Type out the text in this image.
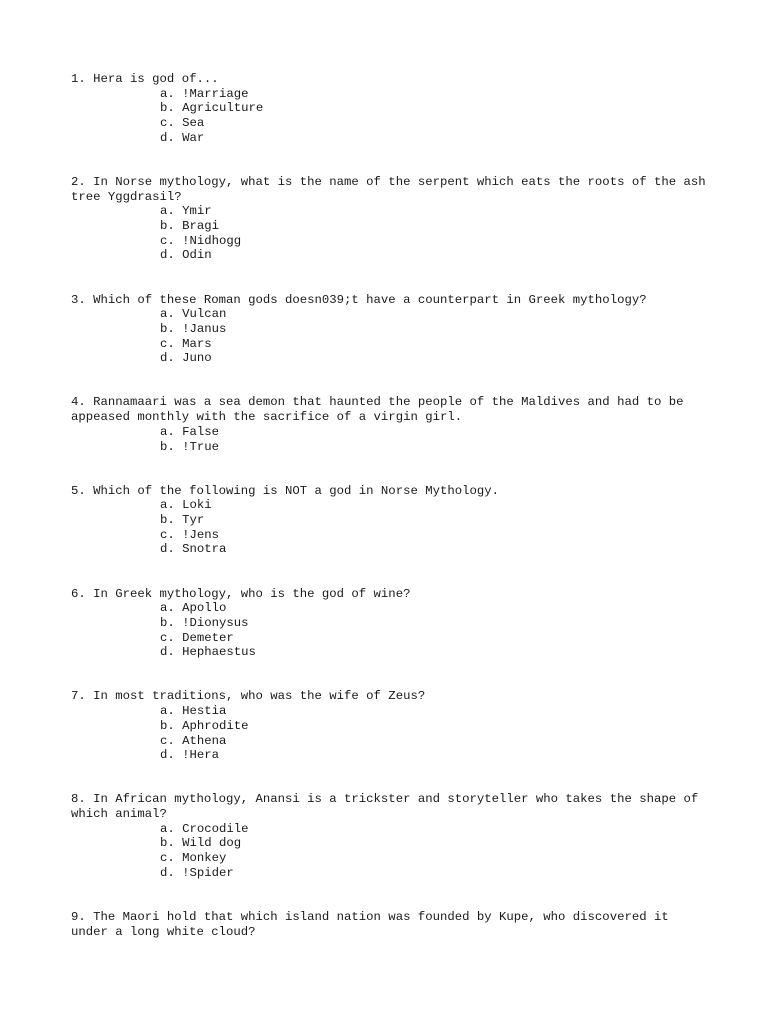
1. Hera is god of...

a. !Marriage
b. Agriculture
c. Sea
d. War

2. In Norse mythology, what is the name of the serpent which eats the roots of the ash tree Yggdrasil?

a. Ymir
b. Bragi
c. !Nidhogg
d. Odin

3. Which of these Roman gods doesn039;t have a counterpart in Greek mythology?

a. Vulcan
b. !Janus
c. Mars
d. Juno

4. Rannamaari was a sea demon that haunted the people of the Maldives and had to be appeased monthly with the sacrifice of a virgin girl.

a. False
b. !True

5. Which of the following is NOT a god in Norse Mythology.

a. Loki
b. Tyr
c. !Jens
d. Snotra

6. In Greek mythology, who is the god of wine?

a. Apollo
b. !Dionysus
c. Demeter
d. Hephaestus

7. In most traditions, who was the wife of Zeus?

a. Hestia
b. Aphrodite
c. Athena
d. !Hera

8. In African mythology, Anansi is a trickster and storyteller who takes the shape of which animal?

a. Crocodile
b. Wild dog
c. Monkey
d. !Spider

9. The Maori hold that which island nation was founded by Kupe, who discovered it under a long white cloud?
